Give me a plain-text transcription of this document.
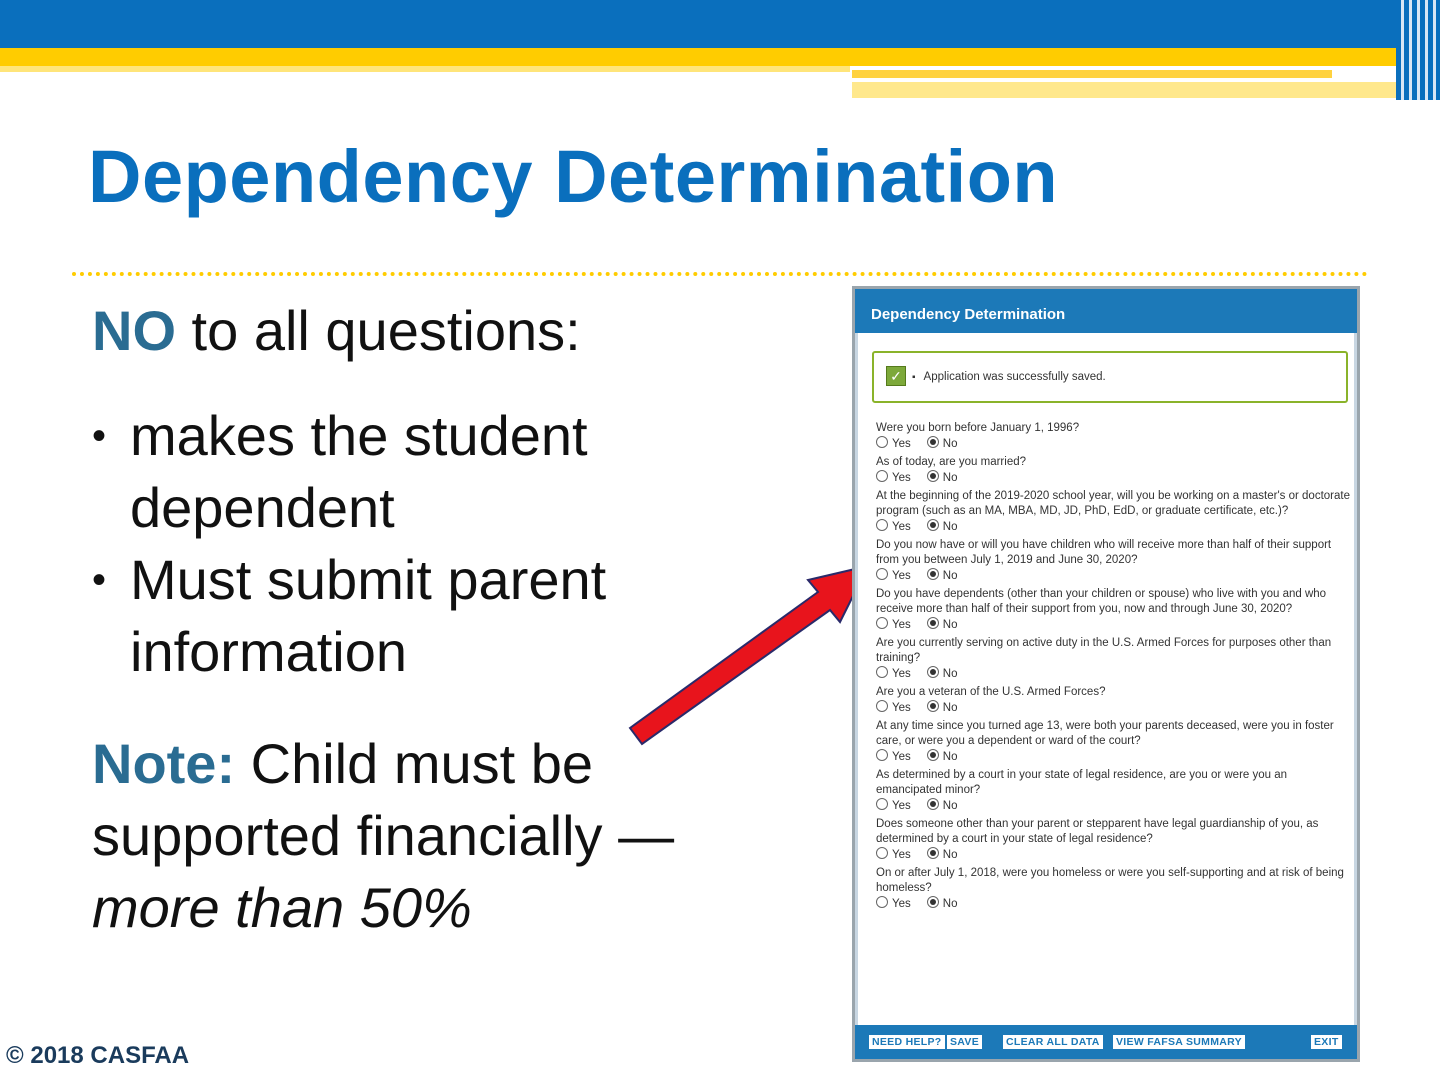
Dependency Determination
NO to all questions:
• makes the student dependent
• Must submit parent information
Note: Child must be supported financially —
more than 50%
© 2018 CASFAA
Dependency Determination
✓
▪	Application was successfully saved.
Were you born before January 1, 1996?
Yes	No
As of today, are you married?
Yes	No
At the beginning of the 2019-2020 school year, will you be working on a master's or doctorate program (such as an MA, MBA, MD, JD, PhD, EdD, or graduate certificate, etc.)?
Yes	No
Do you now have or will you have children who will receive more than half of their support from you between July 1, 2019 and June 30, 2020?
Yes	No
Do you have dependents (other than your children or spouse) who live with you and who receive more than half of their support from you, now and through June 30, 2020?
Yes	No
Are you currently serving on active duty in the U.S. Armed Forces for purposes other than training?
Yes	No
Are you a veteran of the U.S. Armed Forces?
Yes	No
At any time since you turned age 13, were both your parents deceased, were you in foster care, or were you a dependent or ward of the court?
Yes	No
As determined by a court in your state of legal residence, are you or were you an emancipated minor?
Yes	No
Does someone other than your parent or stepparent have legal guardianship of you, as determined by a court in your state of legal residence?
Yes	No
On or after July 1, 2018, were you homeless or were you self-supporting and at risk of being homeless?
Yes	No
NEED HELP? SAVE	CLEAR ALL DATA VIEW FAFSA SUMMARY	EXIT
